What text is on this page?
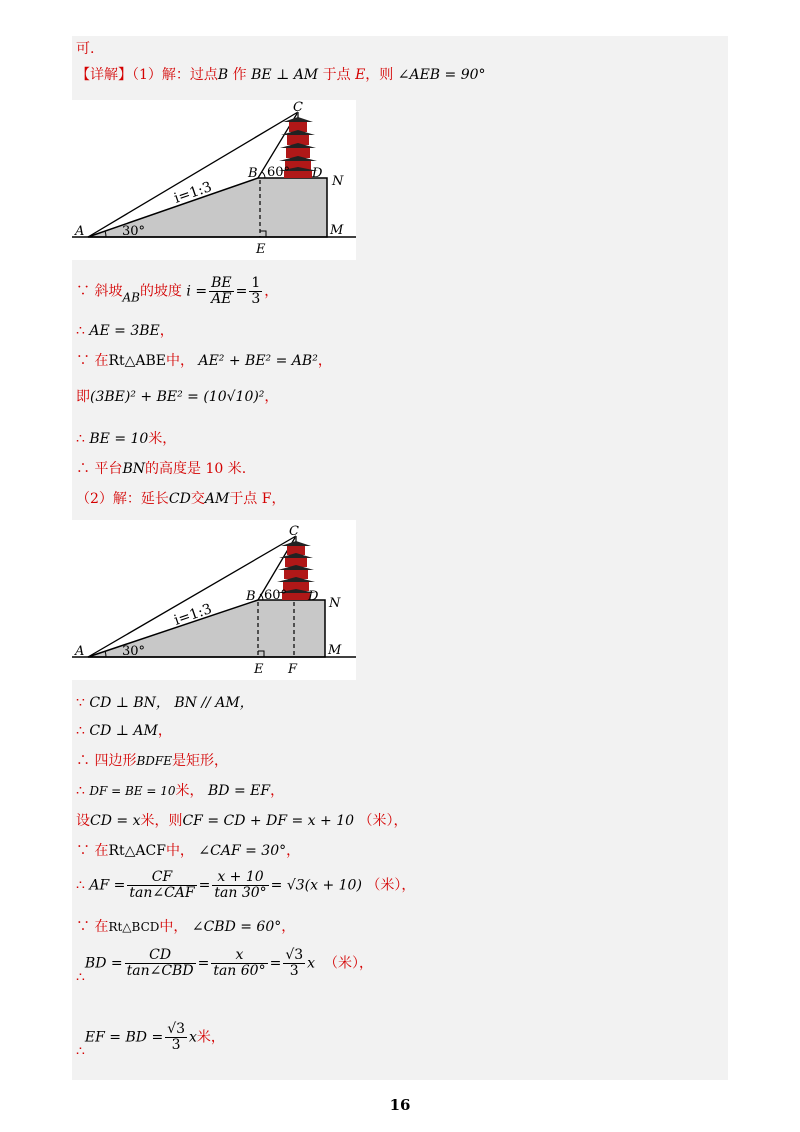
可.
【详解】（1）解：过点B 作 BE ⊥ AM 于点 E，则 ∠AEB = 90°
C
B 60° D
N
i=1:3
A	30°	M
E
∵ 斜坡AB的坡度 $i = \frac{BE}{AE} = \frac{1}{3}$ ，
∴ AE = 3BE，
∵ 在Rt△ABE中， AE² + BE² = AB²，
即(3BE)² + BE² = (10√10)²，
∴ BE = 10米，
∴ 平台BN的高度是 10 米.
（2）解：延长CD交AM于点 F，
C
B 60° D N
i=1:3
A	30°	M
E F
∵ CD ⊥ BN， BN // AM，
∴ CD ⊥ AM，
∴ 四边形BDFE是矩形，
∴ DF = BE = 10米， BD = EF，
设CD = x米，则CF = CD + DF = x + 10 （米），
∵ 在Rt△ACF中， ∠CAF = 30°，
∴ AF = $\frac{CF}{\text{tan∠CAF}} = \frac{x + 10}{\tan 30^\circ} = √3(x + 10)$ （米），
∵ 在Rt△BCD中， ∠CBD = 60°，
∴BD = $\frac{CD}{\text{tan∠CBD}} = \frac{x}{\tan 60^\circ} = \frac{√3}{3}$ x （米），
∴EF = BD = $\frac{√3}{3}$ x米，
16
